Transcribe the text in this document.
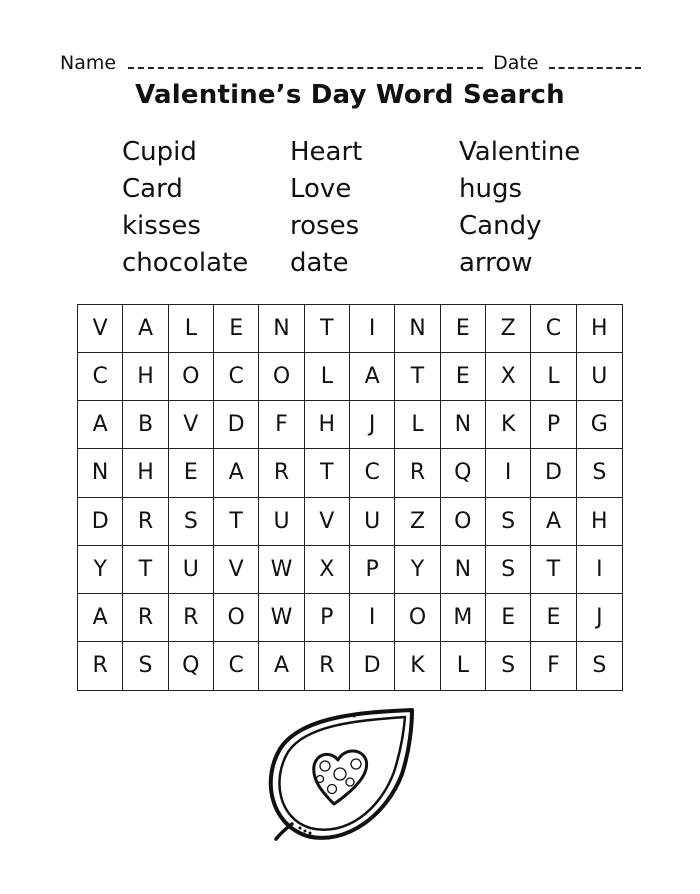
Name	Date
Valentine’s Day Word Search
Cupid
Card
kisses
chocolate
Heart
Love
roses
date
Valentine
hugs
Candy
arrow
V	A	L	E	N	T	I	N	E	Z	C	H
C	H	O	C	O	L	A	T	E	X	L	U
A	B	V	D	F	H	J	L	N	K	P	G
N	H	E	A	R	T	C	R	Q	I	D	S
D	R	S	T	U	V	U	Z	O	S	A	H
Y	T	U	V	W	X	P	Y	N	S	T	I
A	R	R	O	W	P	I	O	M	E	E	J
R	S	Q	C	A	R	D	K	L	S	F	S
